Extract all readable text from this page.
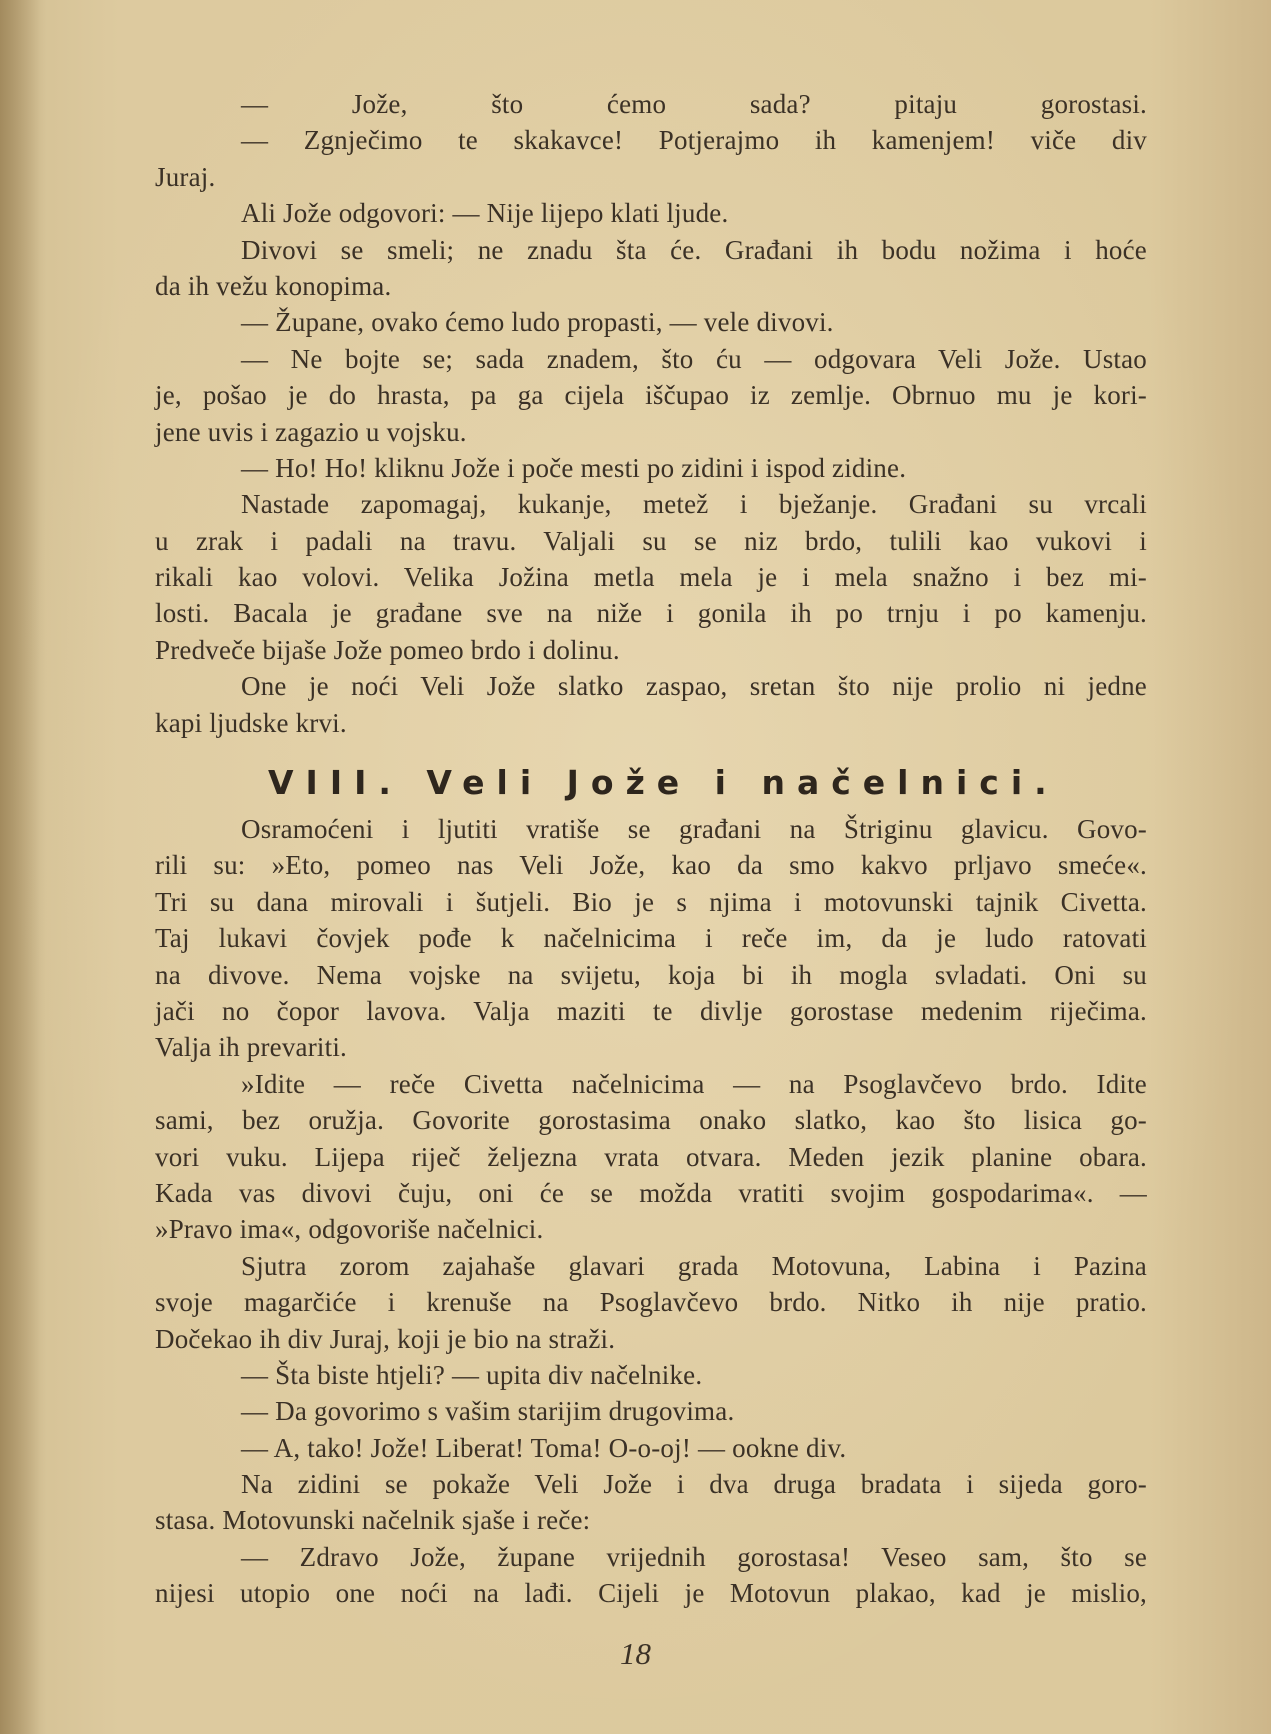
— Jože, što ćemo sada? pitaju gorostasi.
— Zgnječimo te skakavce! Potjerajmo ih kamenjem! viče div
Juraj.
Ali Jože odgovori: — Nije lijepo klati ljude.
Divovi se smeli; ne znadu šta će. Građani ih bodu nožima i hoće
da ih vežu konopima.
— Župane, ovako ćemo ludo propasti, — vele divovi.
— Ne bojte se; sada znadem, što ću — odgovara Veli Jože. Ustao
je, pošao je do hrasta, pa ga cijela iščupao iz zemlje. Obrnuo mu je kori-
jene uvis i zagazio u vojsku.
— Ho! Ho! kliknu Jože i poče mesti po zidini i ispod zidine.
Nastade zapomagaj, kukanje, metež i bježanje. Građani su vrcali
u zrak i padali na travu. Valjali su se niz brdo, tulili kao vukovi i
rikali kao volovi. Velika Jožina metla mela je i mela snažno i bez mi-
losti. Bacala je građane sve na niže i gonila ih po trnju i po kamenju.
Predveče bijaše Jože pomeo brdo i dolinu.
One je noći Veli Jože slatko zaspao, sretan što nije prolio ni jedne
kapi ljudske krvi.
VIII. Veli Jože i načelnici.
Osramoćeni i ljutiti vratiše se građani na Štriginu glavicu. Govo-
rili su: »Eto, pomeo nas Veli Jože, kao da smo kakvo prljavo smeće«.
Tri su dana mirovali i šutjeli. Bio je s njima i motovunski tajnik Civetta.
Taj lukavi čovjek pođe k načelnicima i reče im, da je ludo ratovati
na divove. Nema vojske na svijetu, koja bi ih mogla svladati. Oni su
jači no čopor lavova. Valja maziti te divlje gorostase medenim riječima.
Valja ih prevariti.
»Idite — reče Civetta načelnicima — na Psoglavčevo brdo. Idite
sami, bez oružja. Govorite gorostasima onako slatko, kao što lisica go-
vori vuku. Lijepa riječ željezna vrata otvara. Meden jezik planine obara.
Kada vas divovi čuju, oni će se možda vratiti svojim gospodarima«. —
»Pravo ima«, odgovoriše načelnici.
Sjutra zorom zajahaše glavari grada Motovuna, Labina i Pazina
svoje magarčiće i krenuše na Psoglavčevo brdo. Nitko ih nije pratio.
Dočekao ih div Juraj, koji je bio na straži.
— Šta biste htjeli? — upita div načelnike.
— Da govorimo s vašim starijim drugovima.
— A, tako! Jože! Liberat! Toma! O-o-oj! — ookne div.
Na zidini se pokaže Veli Jože i dva druga bradata i sijeda goro-
stasa. Motovunski načelnik sjaše i reče:
— Zdravo Jože, župane vrijednih gorostasa! Veseo sam, što se
nijesi utopio one noći na lađi. Cijeli je Motovun plakao, kad je mislio,
18
